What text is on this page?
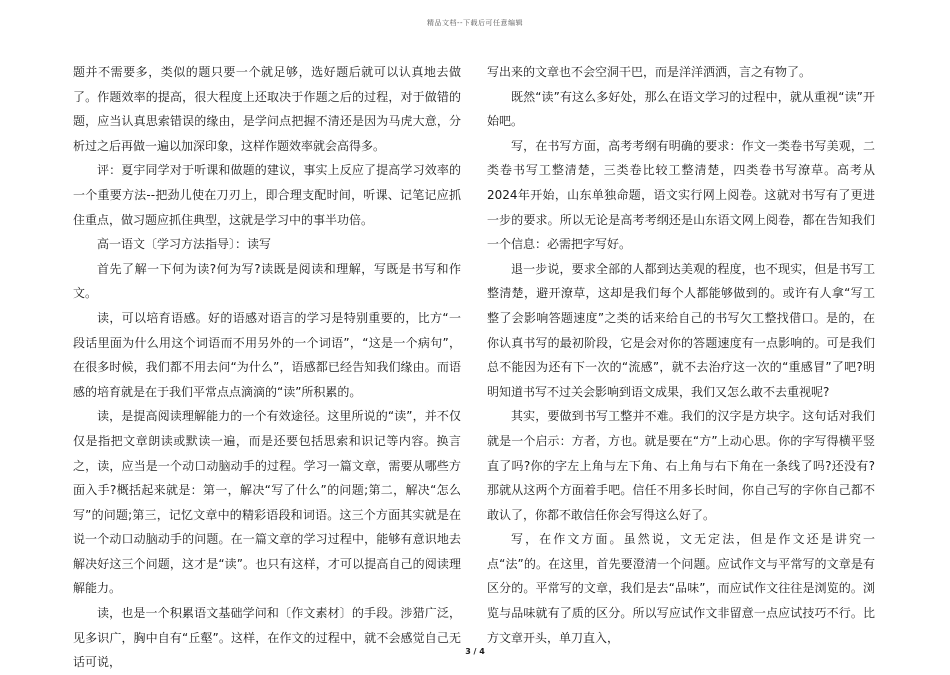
精品文档--下载后可任意编辑

题并不需要多，类似的题只要一个就足够，选好题后就可以认真地去做了。作题效率的提高，很大程度上还取决于作题之后的过程，对于做错的题，应当认真思索错误的缘由，是学问点把握不清还是因为马虎大意，分析过之后再做一遍以加深印象，这样作题效率就会高得多。

评：夏宇同学对于听课和做题的建议，事实上反应了提高学习效率的一个重要方法--把劲儿使在刀刃上，即合理支配时间，听课、记笔记应抓住重点，做习题应抓住典型，这就是学习中的事半功倍。

高一语文〔学习方法指导〕：读写

首先了解一下何为读?何为写?读既是阅读和理解，写既是书写和作文。

读，可以培育语感。好的语感对语言的学习是特别重要的，比方“一段话里面为什么用这个词语而不用另外的一个词语”，“这是一个病句”，在很多时候，我们都不用去问“为什么”，语感都已经告知我们缘由。而语感的培育就是在于我们平常点点滴滴的“读”所积累的。

读，是提高阅读理解能力的一个有效途径。这里所说的“读”，并不仅仅是指把文章朗读或默读一遍，而是还要包括思索和识记等内容。换言之，读，应当是一个动口动脑动手的过程。学习一篇文章，需要从哪些方面入手?概括起来就是：第一，解决“写了什么”的问题;第二，解决“怎么写”的问题;第三，记忆文章中的精彩语段和词语。这三个方面其实就是在说一个动口动脑动手的问题。在一篇文章的学习过程中，能够有意识地去解决好这三个问题，这才是“读”。也只有这样，才可以提高自己的阅读理解能力。

读，也是一个积累语文基础学问和〔作文素材〕的手段。涉猎广泛，见多识广，胸中自有“丘壑”。这样，在作文的过程中，就不会感觉自己无话可说，

写出来的文章也不会空洞干巴，而是洋洋洒洒，言之有物了。

既然“读”有这么多好处，那么在语文学习的过程中，就从重视“读”开始吧。

写，在书写方面，高考考纲有明确的要求：作文一类卷书写美观，二类卷书写工整清楚，三类卷比较工整清楚，四类卷书写潦草。高考从2024年开始，山东单独命题，语文实行网上阅卷。这就对书写有了更进一步的要求。所以无论是高考考纲还是山东语文网上阅卷，都在告知我们一个信息：必需把字写好。

退一步说，要求全部的人都到达美观的程度，也不现实，但是书写工整清楚，避开潦草，这却是我们每个人都能够做到的。或许有人拿“写工整了会影响答题速度”之类的话来给自己的书写欠工整找借口。是的，在你认真书写的最初阶段，它是会对你的答题速度有一点影响的。可是我们总不能因为还有下一次的“流感”，就不去治疗这一次的“重感冒”了吧?明明知道书写不过关会影响到语文成果，我们又怎么敢不去重视呢?

其实，要做到书写工整并不难。我们的汉字是方块字。这句话对我们就是一个启示：方者，方也。就是要在“方”上动心思。你的字写得横平竖直了吗?你的字左上角与左下角、右上角与右下角在一条线了吗?还没有?那就从这两个方面着手吧。信任不用多长时间，你自己写的字你自己都不敢认了，你都不敢信任你会写得这么好了。

写，在作文方面。虽然说，文无定法，但是作文还是讲究一点“法”的。在这里，首先要澄清一个问题。应试作文与平常写的文章是有区分的。平常写的文章，我们是去“品味”，而应试作文往往是浏览的。浏览与品味就有了质的区分。所以写应试作文非留意一点应试技巧不行。比方文章开头，单刀直入，

3 / 4
